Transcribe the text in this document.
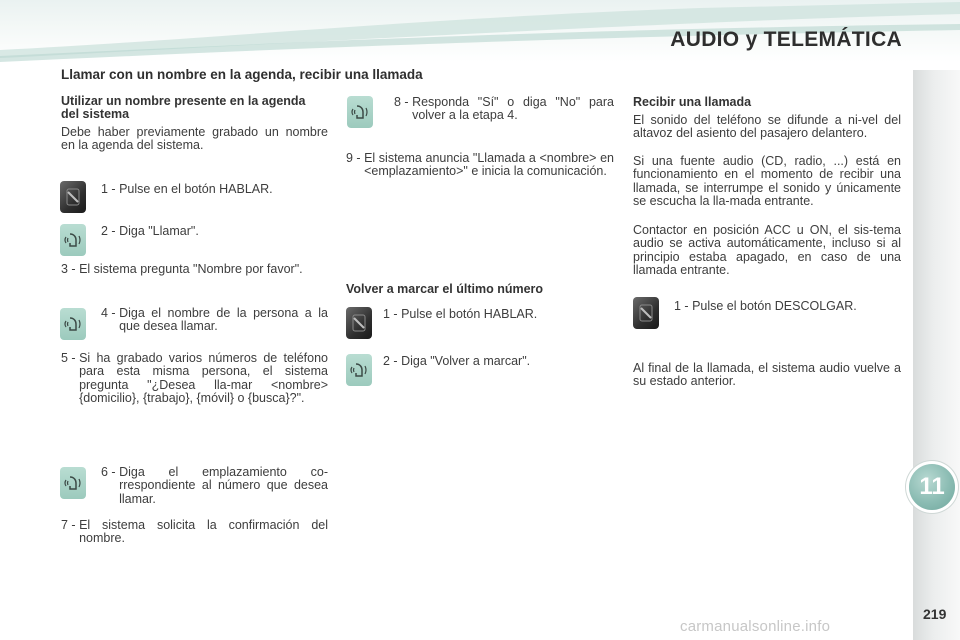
AUDIO y TELEMÁTICA
11
219
Llamar con un nombre en la agenda, recibir una llamada
Utilizar un nombre presente en la agenda del sistema
Debe haber previamente grabado un nombre en la agenda del sistema.
1 - Pulse en el botón HABLAR.
2 - Diga "Llamar".
3 - El sistema pregunta "Nombre por favor".
4 - Diga el nombre de la persona a la que desea llamar.
5 - Si ha grabado varios números de teléfono para esta misma persona, el sistema pregunta "¿Desea lla-mar <nombre> {domicilio}, {trabajo}, {móvil} o {busca}?".
6 - Diga el emplazamiento co-rrespondiente al número que desea llamar.
7 - El sistema solicita la confirmación del nombre.
8 - Responda "Sí" o diga "No" para volver a la etapa 4.
9 - El sistema anuncia "Llamada a <nombre> en <emplazamiento>" e inicia la comunicación.
Volver a marcar el último número
1 - Pulse el botón HABLAR.
2 - Diga "Volver a marcar".
Recibir una llamada
El sonido del teléfono se difunde a ni-vel del altavoz del asiento del pasajero delantero.
Si una fuente audio (CD, radio, ...) está en funcionamiento en el momento de recibir una llamada, se interrumpe el sonido y únicamente se escucha la lla-mada entrante.
Contactor en posición ACC u ON, el sis-tema audio se activa automáticamente, incluso si al principio estaba apagado, en caso de una llamada entrante.
1 - Pulse el botón DESCOLGAR.
Al final de la llamada, el sistema audio vuelve a su estado anterior.
carmanualsonline.info
